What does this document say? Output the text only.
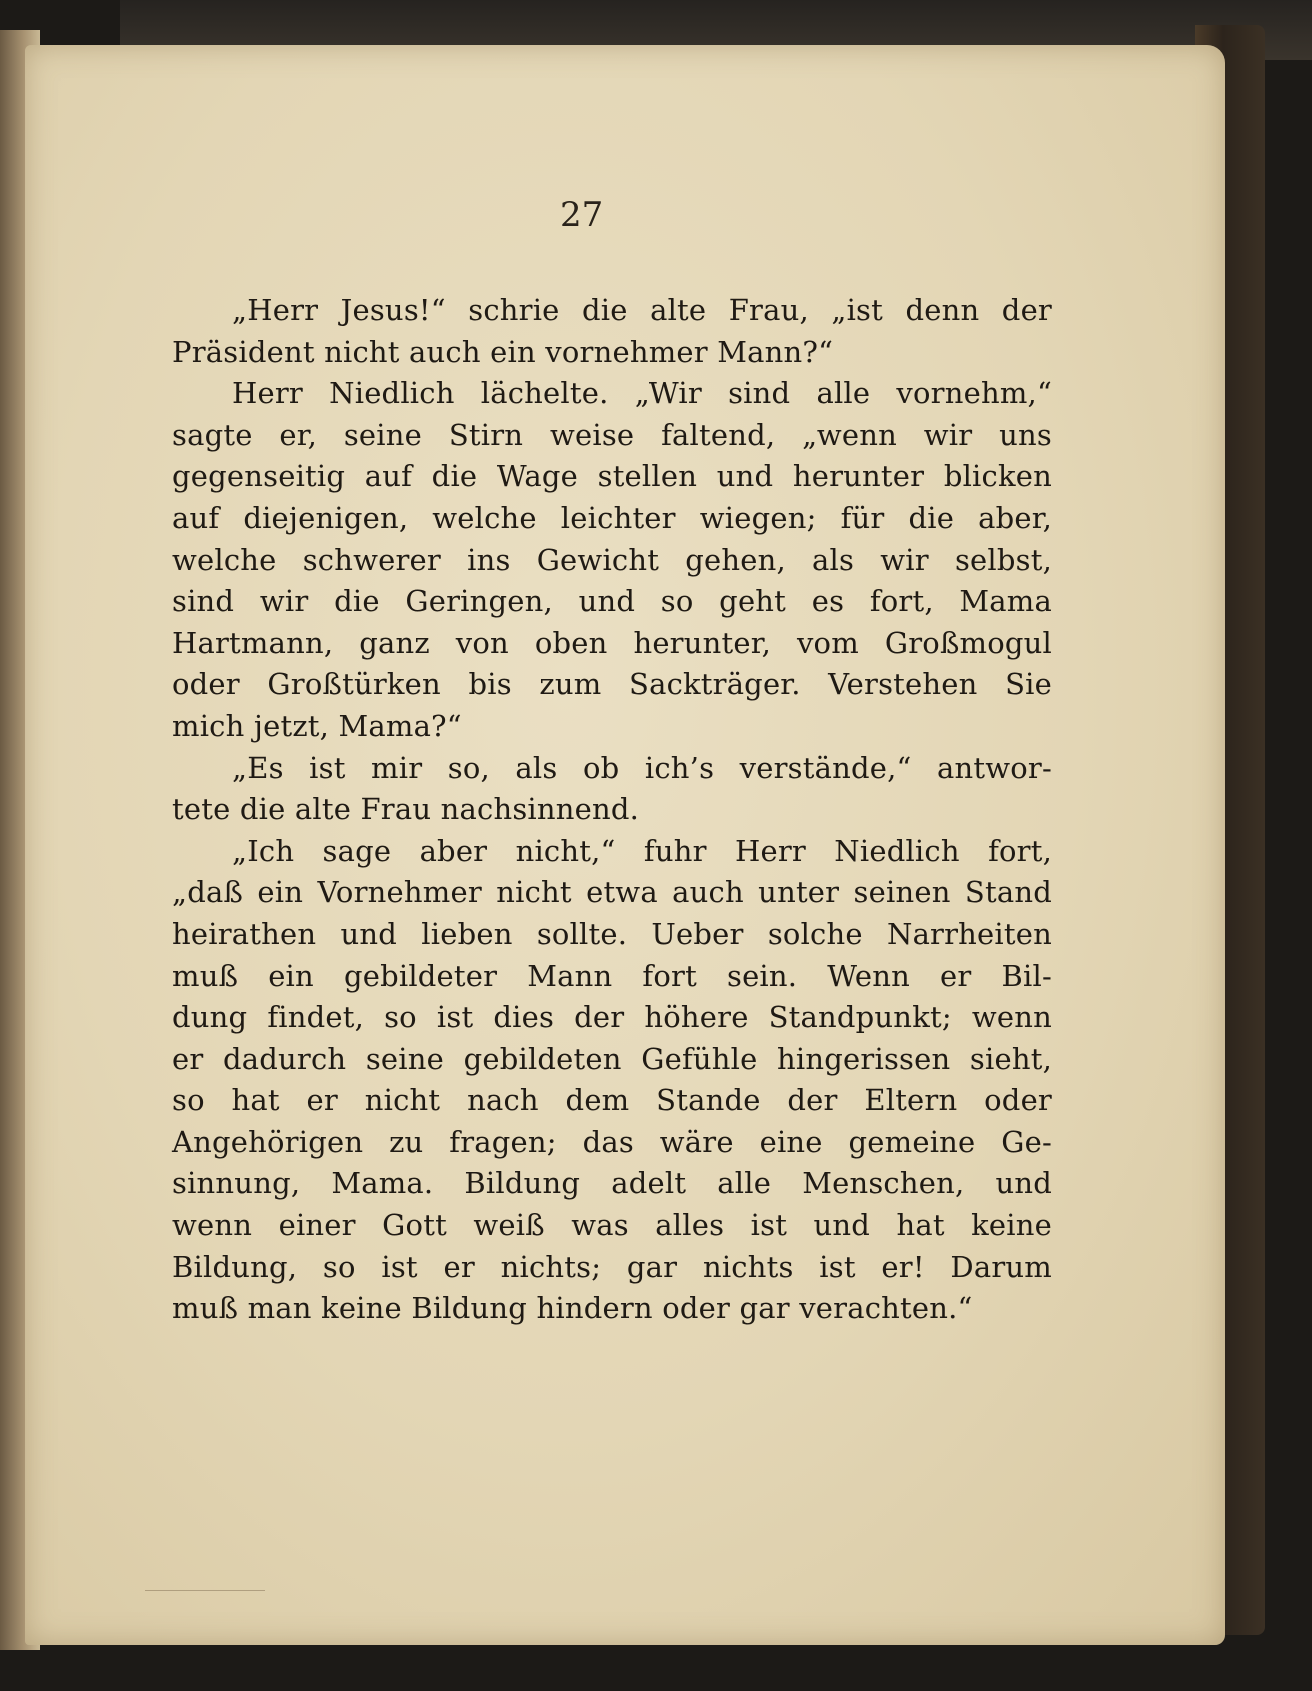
27
„Herr Jesus!“ schrie die alte Frau, „ist denn der
Präsident nicht auch ein vornehmer Mann?“
Herr Niedlich lächelte. „Wir sind alle vornehm,“
sagte er, seine Stirn weise faltend, „wenn wir uns
gegenseitig auf die Wage stellen und herunter blicken
auf diejenigen, welche leichter wiegen; für die aber,
welche schwerer ins Gewicht gehen, als wir selbst,
sind wir die Geringen, und so geht es fort, Mama
Hartmann, ganz von oben herunter, vom Großmogul
oder Großtürken bis zum Sackträger. Verstehen Sie
mich jetzt, Mama?“
„Es ist mir so, als ob ich’s verstände,“ antwor-
tete die alte Frau nachsinnend.
„Ich sage aber nicht,“ fuhr Herr Niedlich fort,
„daß ein Vornehmer nicht etwa auch unter seinen Stand
heirathen und lieben sollte. Ueber solche Narrheiten
muß ein gebildeter Mann fort sein. Wenn er Bil-
dung findet, so ist dies der höhere Standpunkt; wenn
er dadurch seine gebildeten Gefühle hingerissen sieht,
so hat er nicht nach dem Stande der Eltern oder
Angehörigen zu fragen; das wäre eine gemeine Ge-
sinnung, Mama. Bildung adelt alle Menschen, und
wenn einer Gott weiß was alles ist und hat keine
Bildung, so ist er nichts; gar nichts ist er! Darum
muß man keine Bildung hindern oder gar verachten.“
